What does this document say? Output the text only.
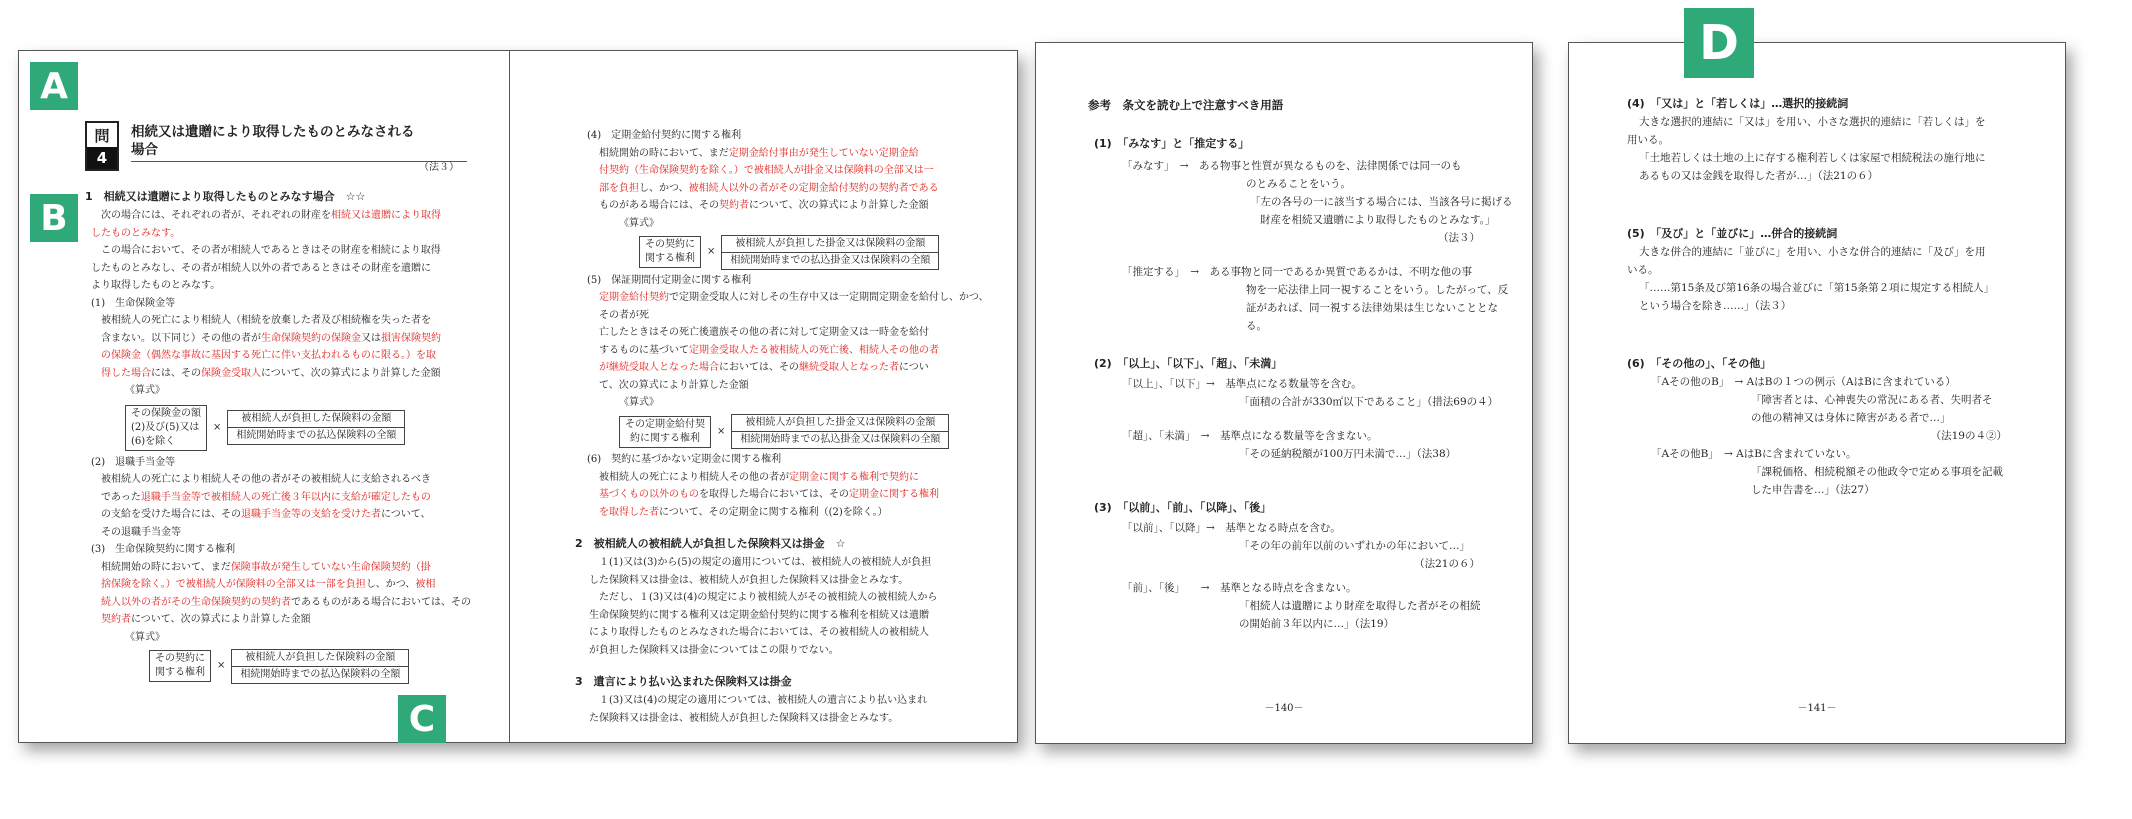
問
4
相続又は遺贈により取得したものとみなされる
場合
（法３）

1　相続又は遺贈により取得したものとみなす場合　☆☆

次の場合には、それぞれの者が、それぞれの財産を相続又は遺贈により取得

したものとみなす。

この場合において、その者が相続人であるときはその財産を相続により取得

したものとみなし、その者が相続人以外の者であるときはその財産を遺贈に

より取得したものとみなす。

(1)　生命保険金等

被相続人の死亡により相続人（相続を放棄した者及び相続権を失った者を

含まない。以下同じ）その他の者が生命保険契約の保険金又は損害保険契約

の保険金（偶然な事故に基因する死亡に伴い支払われるものに限る。）を取

得した場合には、その保険金受取人について、次の算式により計算した金額

《算式》

その保険金の額
(2)及び(5)又は
(6)を除く
×
被相続人が負担した保険料の金額
相続開始時までの払込保険料の全額

(2)　退職手当金等

被相続人の死亡により相続人その他の者がその被相続人に支給されるべき

であった退職手当金等で被相続人の死亡後３年以内に支給が確定したもの

の支給を受けた場合には、その退職手当金等の支給を受けた者について、

その退職手当金等

(3)　生命保険契約に関する権利

相続開始の時において、まだ保険事故が発生していない生命保険契約（掛

捨保険を除く。）で被相続人が保険料の全部又は一部を負担し、かつ、被相

続人以外の者がその生命保険契約の契約者であるものがある場合においては、その

契約者について、次の算式により計算した金額

《算式》

その契約に
関する権利
×
被相続人が負担した保険料の金額
相続開始時までの払込保険料の全額

(4)　定期金給付契約に関する権利

相続開始の時において、まだ定期金給付事由が発生していない定期金給

付契約（生命保険契約を除く。）で被相続人が掛金又は保険料の全部又は一

部を負担し、かつ、被相続人以外の者がその定期金給付契約の契約者である

ものがある場合には、その契約者について、次の算式により計算した金額

《算式》

その契約に
関する権利
×
被相続人が負担した掛金又は保険料の金額
相続開始時までの払込掛金又は保険料の全額

(5)　保証期間付定期金に関する権利

定期金給付契約で定期金受取人に対しその生存中又は一定期間定期金を給付し、かつ、その者が死

亡したときはその死亡後遺族その他の者に対して定期金又は一時金を給付

するものに基づいて定期金受取人たる被相続人の死亡後、相続人その他の者

が継続受取人となった場合においては、その継続受取人となった者につい

て、次の算式により計算した金額

《算式》

その定期金給付契
約に関する権利
×
被相続人が負担した掛金又は保険料の金額
相続開始時までの払込掛金又は保険料の全額

(6)　契約に基づかない定期金に関する権利

被相続人の死亡により相続人その他の者が定期金に関する権利で契約に

基づくもの以外のものを取得した場合においては、その定期金に関する権利

を取得した者について、その定期金に関する権利（(2)を除く。）

2　被相続人の被相続人が負担した保険料又は掛金　☆

１(1)又は(3)から(5)の規定の適用については、被相続人の被相続人が負担

した保険料又は掛金は、被相続人が負担した保険料又は掛金とみなす。

ただし、１(3)又は(4)の規定により被相続人がその被相続人の被相続人から

生命保険契約に関する権利又は定期金給付契約に関する権利を相続又は遺贈

により取得したものとみなされた場合においては、その被相続人の被相続人

が負担した保険料又は掛金についてはこの限りでない。

3　遺言により払い込まれた保険料又は掛金

１(3)又は(4)の規定の適用については、被相続人の遺言により払い込まれ

た保険料又は掛金は、被相続人が負担した保険料又は掛金とみなす。

参考　条文を読む上で注意すべき用語

(1)　「みなす」と「推定する」

「みなす」　→　ある物事と性質が異なるものを、法律関係では同一のも

のとみることをいう。

「左の各号の一に該当する場合には、当該各号に掲げる

財産を相続又遺贈により取得したものとみなす。」

（法３）

「推定する」　→　ある事物と同一であるか異質であるかは、不明な他の事

物を一応法律上同一視することをいう。したがって、反

証があれば、同一視する法律効果は生じないこととなる。

(2)　「以上」、「以下」、「超」、「未満」

「以上」、「以下」→　基準点になる数量等を含む。

「面積の合計が330㎡以下であること」（措法69の４）

「超」、「未満」　→　基準点になる数量等を含まない。

「その延納税額が100万円未満で…」（法38）

(3)　「以前」、「前」、「以降」、「後」

「以前」、「以降」→　基準となる時点を含む。

「その年の前年以前のいずれかの年において…」

（法21の６）

「前」、「後」　　→　基準となる時点を含まない。

「相続人は遺贈により財産を取得した者がその相続

の開始前３年以内に…」（法19）

－140－

(4)　「又は」と「若しくは」…選択的接続詞

大きな選択的連結に「又は」を用い、小さな選択的連結に「若しくは」を

用いる。

「土地若しくは土地の上に存する権利若しくは家屋で相続税法の施行地に

あるもの又は金銭を取得した者が…」（法21の６）

(5)　「及び」と「並びに」…併合的接続詞

大きな併合的連結に「並びに」を用い、小さな併合的連結に「及び」を用

いる。

「……第15条及び第16条の場合並びに「第15条第２項に規定する相続人」

という場合を除き……」（法３）

(6)　「その他の」、「その他」

「Aその他のB」　→ AはBの１つの例示（AはBに含まれている）

「障害者とは、心神喪失の常況にある者、失明者そ

の他の精神又は身体に障害がある者で…」

（法19の４②）

「Aその他B」　→ AはBに含まれていない。

「課税価格、相続税額その他政令で定める事項を記載

した申告書を…」（法27）

－141－
A
B
C
D
